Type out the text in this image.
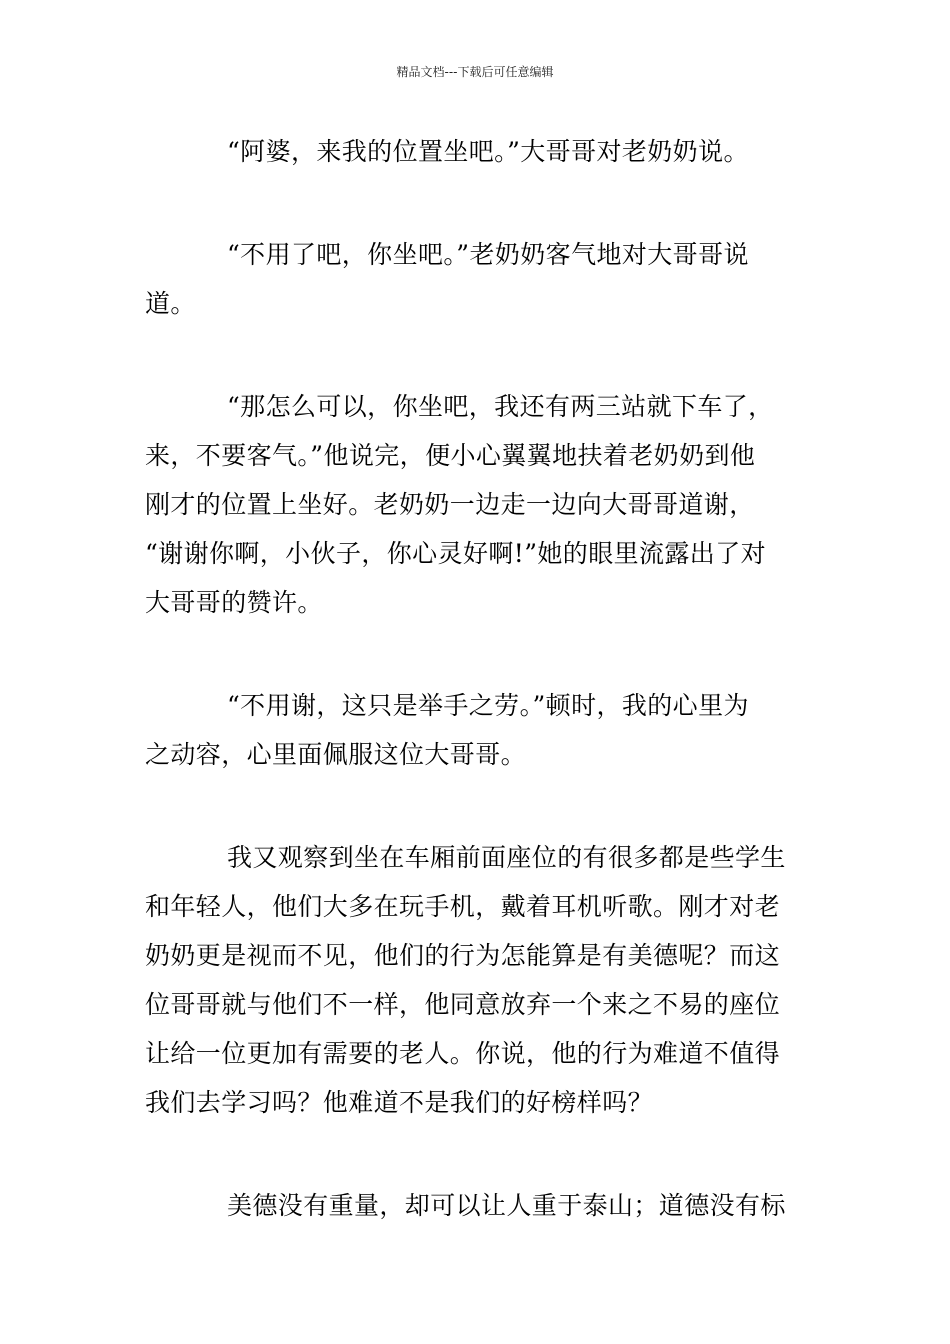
精品文档---下载后可任意编辑

“阿婆，来我的位置坐吧。”大哥哥对老奶奶说。

“不用了吧，你坐吧。”老奶奶客气地对大哥哥说
道。

“那怎么可以，你坐吧，我还有两三站就下车了，
来，不要客气。”他说完，便小心翼翼地扶着老奶奶到他
刚才的位置上坐好。老奶奶一边走一边向大哥哥道谢，
“谢谢你啊，小伙子，你心灵好啊!”她的眼里流露出了对
大哥哥的赞许。

“不用谢，这只是举手之劳。”顿时，我的心里为
之动容，心里面佩服这位大哥哥。

我又观察到坐在车厢前面座位的有很多都是些学生
和年轻人，他们大多在玩手机，戴着耳机听歌。刚才对老
奶奶更是视而不见，他们的行为怎能算是有美德呢？而这
位哥哥就与他们不一样，他同意放弃一个来之不易的座位
让给一位更加有需要的老人。你说，他的行为难道不值得
我们去学习吗？他难道不是我们的好榜样吗？

美德没有重量，却可以让人重于泰山；道德没有标
